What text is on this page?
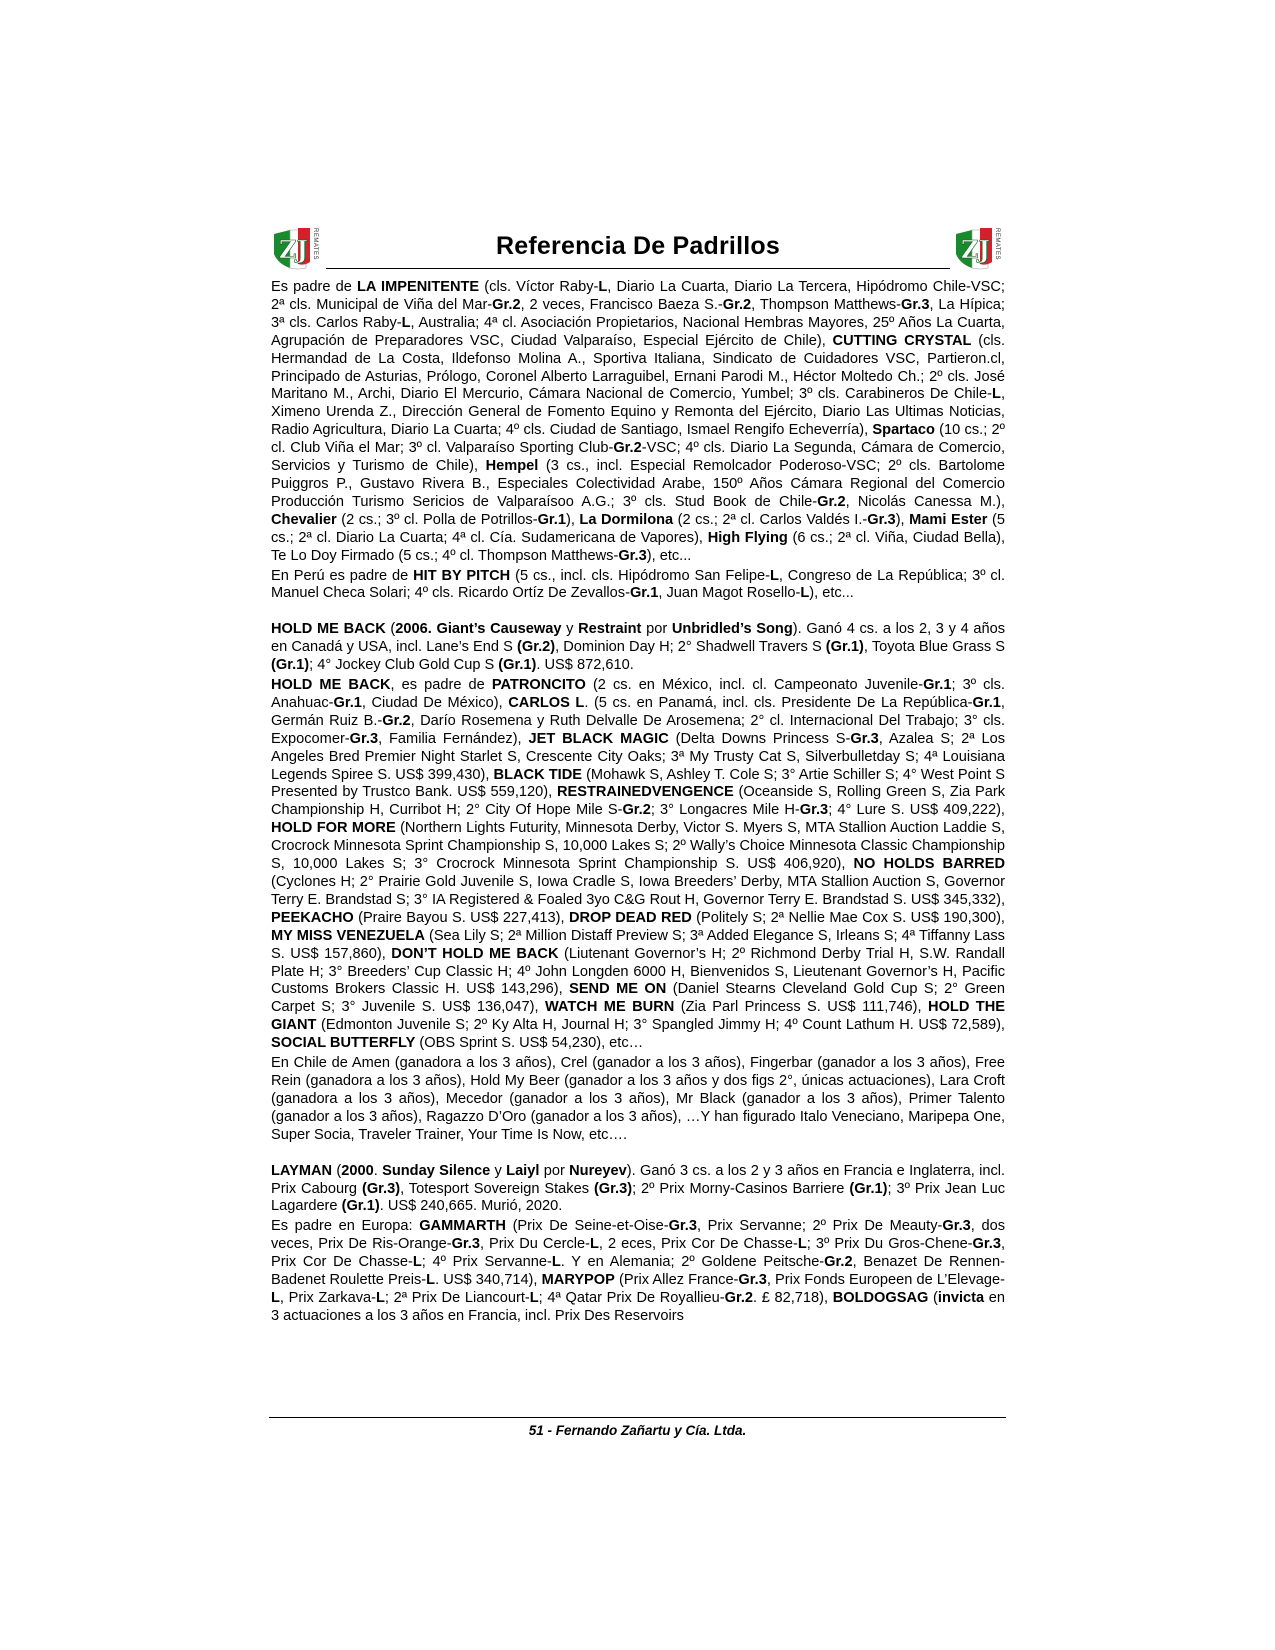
ZJ REMATES	Referencia De Padrillos	ZJ REMATES

Es padre de LA IMPENITENTE (cls. Víctor Raby-L, Diario La Cuarta, Diario La Tercera, Hipódromo Chile-VSC; 2ª cls. Municipal de Viña del Mar-Gr.2, 2 veces, Francisco Baeza S.-Gr.2, Thompson Matthews-Gr.3, La Hípica; 3ª cls. Carlos Raby-L, Australia; 4ª cl. Asociación Propietarios, Nacional Hembras Mayores, 25º Años La Cuarta, Agrupación de Preparadores VSC, Ciudad Valparaíso, Especial Ejército de Chile), CUTTING CRYSTAL (cls. Hermandad de La Costa, Ildefonso Molina A., Sportiva Italiana, Sindicato de Cuidadores VSC, Partieron.cl, Principado de Asturias, Prólogo, Coronel Alberto Larraguibel, Ernani Parodi M., Héctor Moltedo Ch.; 2º cls. José Maritano M., Archi, Diario El Mercurio, Cámara Nacional de Comercio, Yumbel; 3º cls. Carabineros De Chile-L, Ximeno Urenda Z., Dirección General de Fomento Equino y Remonta del Ejército, Diario Las Ultimas Noticias, Radio Agricultura, Diario La Cuarta; 4º cls. Ciudad de Santiago, Ismael Rengifo Echeverría), Spartaco (10 cs.; 2º cl. Club Viña el Mar; 3º cl. Valparaíso Sporting Club-Gr.2-VSC; 4º cls. Diario La Segunda, Cámara de Comercio, Servicios y Turismo de Chile), Hempel (3 cs., incl. Especial Remolcador Poderoso-VSC; 2º cls. Bartolome Puiggros P., Gustavo Rivera B., Especiales Colectividad Arabe, 150º Años Cámara Regional del Comercio Producción Turismo Sericios de Valparaísoo A.G.; 3º cls. Stud Book de Chile-Gr.2, Nicolás Canessa M.), Chevalier (2 cs.; 3º cl. Polla de Potrillos-Gr.1), La Dormilona (2 cs.; 2ª cl. Carlos Valdés I.-Gr.3), Mami Ester (5 cs.; 2ª cl. Diario La Cuarta; 4ª cl. Cía. Sudamericana de Vapores), High Flying (6 cs.; 2ª cl. Viña, Ciudad Bella), Te Lo Doy Firmado (5 cs.; 4º cl. Thompson Matthews-Gr.3), etc...

En Perú es padre de HIT BY PITCH (5 cs., incl. cls. Hipódromo San Felipe-L, Congreso de La República; 3º cl. Manuel Checa Solari; 4º cls. Ricardo Ortíz De Zevallos-Gr.1, Juan Magot Rosello-L), etc...

HOLD ME BACK (2006. Giant’s Causeway y Restraint por Unbridled’s Song). Ganó 4 cs. a los 2, 3 y 4 años en Canadá y USA, incl. Lane’s End S (Gr.2), Dominion Day H; 2° Shadwell Travers S (Gr.1), Toyota Blue Grass S (Gr.1); 4° Jockey Club Gold Cup S (Gr.1). US$ 872,610.

HOLD ME BACK, es padre de PATRONCITO (2 cs. en México, incl. cl. Campeonato Juvenile-Gr.1; 3º cls. Anahuac-Gr.1, Ciudad De México), CARLOS L. (5 cs. en Panamá, incl. cls. Presidente De La República-Gr.1, Germán Ruiz B.-Gr.2, Darío Rosemena y Ruth Delvalle De Arosemena; 2° cl. Internacional Del Trabajo; 3° cls. Expocomer-Gr.3, Familia Fernández), JET BLACK MAGIC (Delta Downs Princess S-Gr.3, Azalea S; 2ª Los Angeles Bred Premier Night Starlet S, Crescente City Oaks; 3ª My Trusty Cat S, Silverbulletday S; 4ª Louisiana Legends Spiree S. US$ 399,430), BLACK TIDE (Mohawk S, Ashley T. Cole S; 3° Artie Schiller S; 4° West Point S Presented by Trustco Bank. US$ 559,120), RESTRAINEDVENGENCE (Oceanside S, Rolling Green S, Zia Park Championship H, Curribot H; 2° City Of Hope Mile S-Gr.2; 3° Longacres Mile H-Gr.3; 4° Lure S. US$ 409,222), HOLD FOR MORE (Northern Lights Futurity, Minnesota Derby, Victor S. Myers S, MTA Stallion Auction Laddie S, Crocrock Minnesota Sprint Championship S, 10,000 Lakes S; 2º Wally’s Choice Minnesota Classic Championship S, 10,000 Lakes S; 3° Crocrock Minnesota Sprint Championship S. US$ 406,920), NO HOLDS BARRED (Cyclones H; 2° Prairie Gold Juvenile S, Iowa Cradle S, Iowa Breeders’ Derby, MTA Stallion Auction S, Governor Terry E. Brandstad S; 3° IA Registered & Foaled 3yo C&G Rout H, Governor Terry E. Brandstad S. US$ 345,332), PEEKACHO (Praire Bayou S. US$ 227,413), DROP DEAD RED (Politely S; 2ª Nellie Mae Cox S. US$ 190,300), MY MISS VENEZUELA (Sea Lily S; 2ª Million Distaff Preview S; 3ª Added Elegance S, Irleans S; 4ª Tiffanny Lass S. US$ 157,860), DON’T HOLD ME BACK (Liutenant Governor’s H; 2º Richmond Derby Trial H, S.W. Randall Plate H; 3° Breeders’ Cup Classic H; 4º John Longden 6000 H, Bienvenidos S, Lieutenant Governor’s H, Pacific Customs Brokers Classic H. US$ 143,296), SEND ME ON (Daniel Stearns Cleveland Gold Cup S; 2° Green Carpet S; 3° Juvenile S. US$ 136,047), WATCH ME BURN (Zia Parl Princess S. US$ 111,746), HOLD THE GIANT (Edmonton Juvenile S; 2º Ky Alta H, Journal H; 3° Spangled Jimmy H; 4º Count Lathum H. US$ 72,589), SOCIAL BUTTERFLY (OBS Sprint S. US$ 54,230), etc…

En Chile de Amen (ganadora a los 3 años), Crel (ganador a los 3 años), Fingerbar (ganador a los 3 años), Free Rein (ganadora a los 3 años), Hold My Beer (ganador a los 3 años y dos figs 2°, únicas actuaciones), Lara Croft (ganadora a los 3 años), Mecedor (ganador a los 3 años), Mr Black (ganador a los 3 años), Primer Talento (ganador a los 3 años), Ragazzo D’Oro (ganador a los 3 años), …Y han figurado Italo Veneciano, Maripepa One, Super Socia, Traveler Trainer, Your Time Is Now, etc….

LAYMAN (2000. Sunday Silence y Laiyl por Nureyev). Ganó 3 cs. a los 2 y 3 años en Francia e Inglaterra, incl. Prix Cabourg (Gr.3), Totesport Sovereign Stakes (Gr.3); 2º Prix Morny-Casinos Barriere (Gr.1); 3º Prix Jean Luc Lagardere (Gr.1). US$ 240,665. Murió, 2020.

Es padre en Europa: GAMMARTH (Prix De Seine-et-Oise-Gr.3, Prix Servanne; 2º Prix De Meauty-Gr.3, dos veces, Prix De Ris-Orange-Gr.3, Prix Du Cercle-L, 2 eces, Prix Cor De Chasse-L; 3º Prix Du Gros-Chene-Gr.3, Prix Cor De Chasse-L; 4º Prix Servanne-L. Y en Alemania; 2º Goldene Peitsche-Gr.2, Benazet De Rennen-Badenet Roulette Preis-L. US$ 340,714), MARYPOP (Prix Allez France-Gr.3, Prix Fonds Europeen de L’Elevage-L, Prix Zarkava-L; 2ª Prix De Liancourt-L; 4ª Qatar Prix De Royallieu-Gr.2. £ 82,718), BOLDOGSAG (invicta en 3 actuaciones a los 3 años en Francia, incl. Prix Des Reservoirs

51 - Fernando Zañartu y Cía. Ltda.
